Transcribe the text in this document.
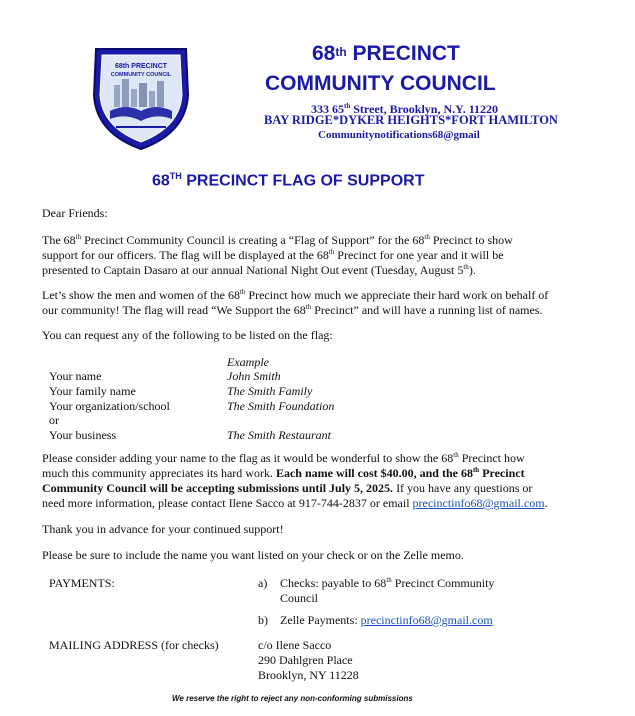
68th PRECINCT
COMMUNITY COUNCIL
68th PRECINCT
COMMUNITY COUNCIL
333 65th Street, Brooklyn, N.Y. 11220
BAY RIDGE*DYKER HEIGHTS*FORT HAMILTON
Communitynotifications68@gmail
68TH PRECINCT FLAG OF SUPPORT
Dear Friends:
The 68th Precinct Community Council is creating a “Flag of Support” for the 68th Precinct to show
support for our officers. The flag will be displayed at the 68th Precinct for one year and it will be
presented to Captain Dasaro at our annual National Night Out event (Tuesday, August 5th).
Let’s show the men and women of the 68th Precinct how much we appreciate their hard work on behalf of
our community! The flag will read “We Support the 68th Precinct” and will have a running list of names.
You can request any of the following to be listed on the flag:
Example
Your name	John Smith
Your family name	The Smith Family
Your organization/school	The Smith Foundation
or
Your business	The Smith Restaurant
Please consider adding your name to the flag as it would be wonderful to show the 68th Precinct how
much this community appreciates its hard work. Each name will cost $40.00, and the 68th Precinct
Community Council will be accepting submissions until July 5, 2025. If you have any questions or
need more information, please contact Ilene Sacco at 917-744-2837 or email precinctinfo68@gmail.com.
Thank you in advance for your continued support!
Please be sure to include the name you want listed on your check or on the Zelle memo.
PAYMENTS:	a) Checks: payable to 68th Precinct Community
Council
b) Zelle Payments: precinctinfo68@gmail.com
MAILING ADDRESS (for checks)	c/o Ilene Sacco
290 Dahlgren Place
Brooklyn, NY 11228
We reserve the right to reject any non-conforming submissions
